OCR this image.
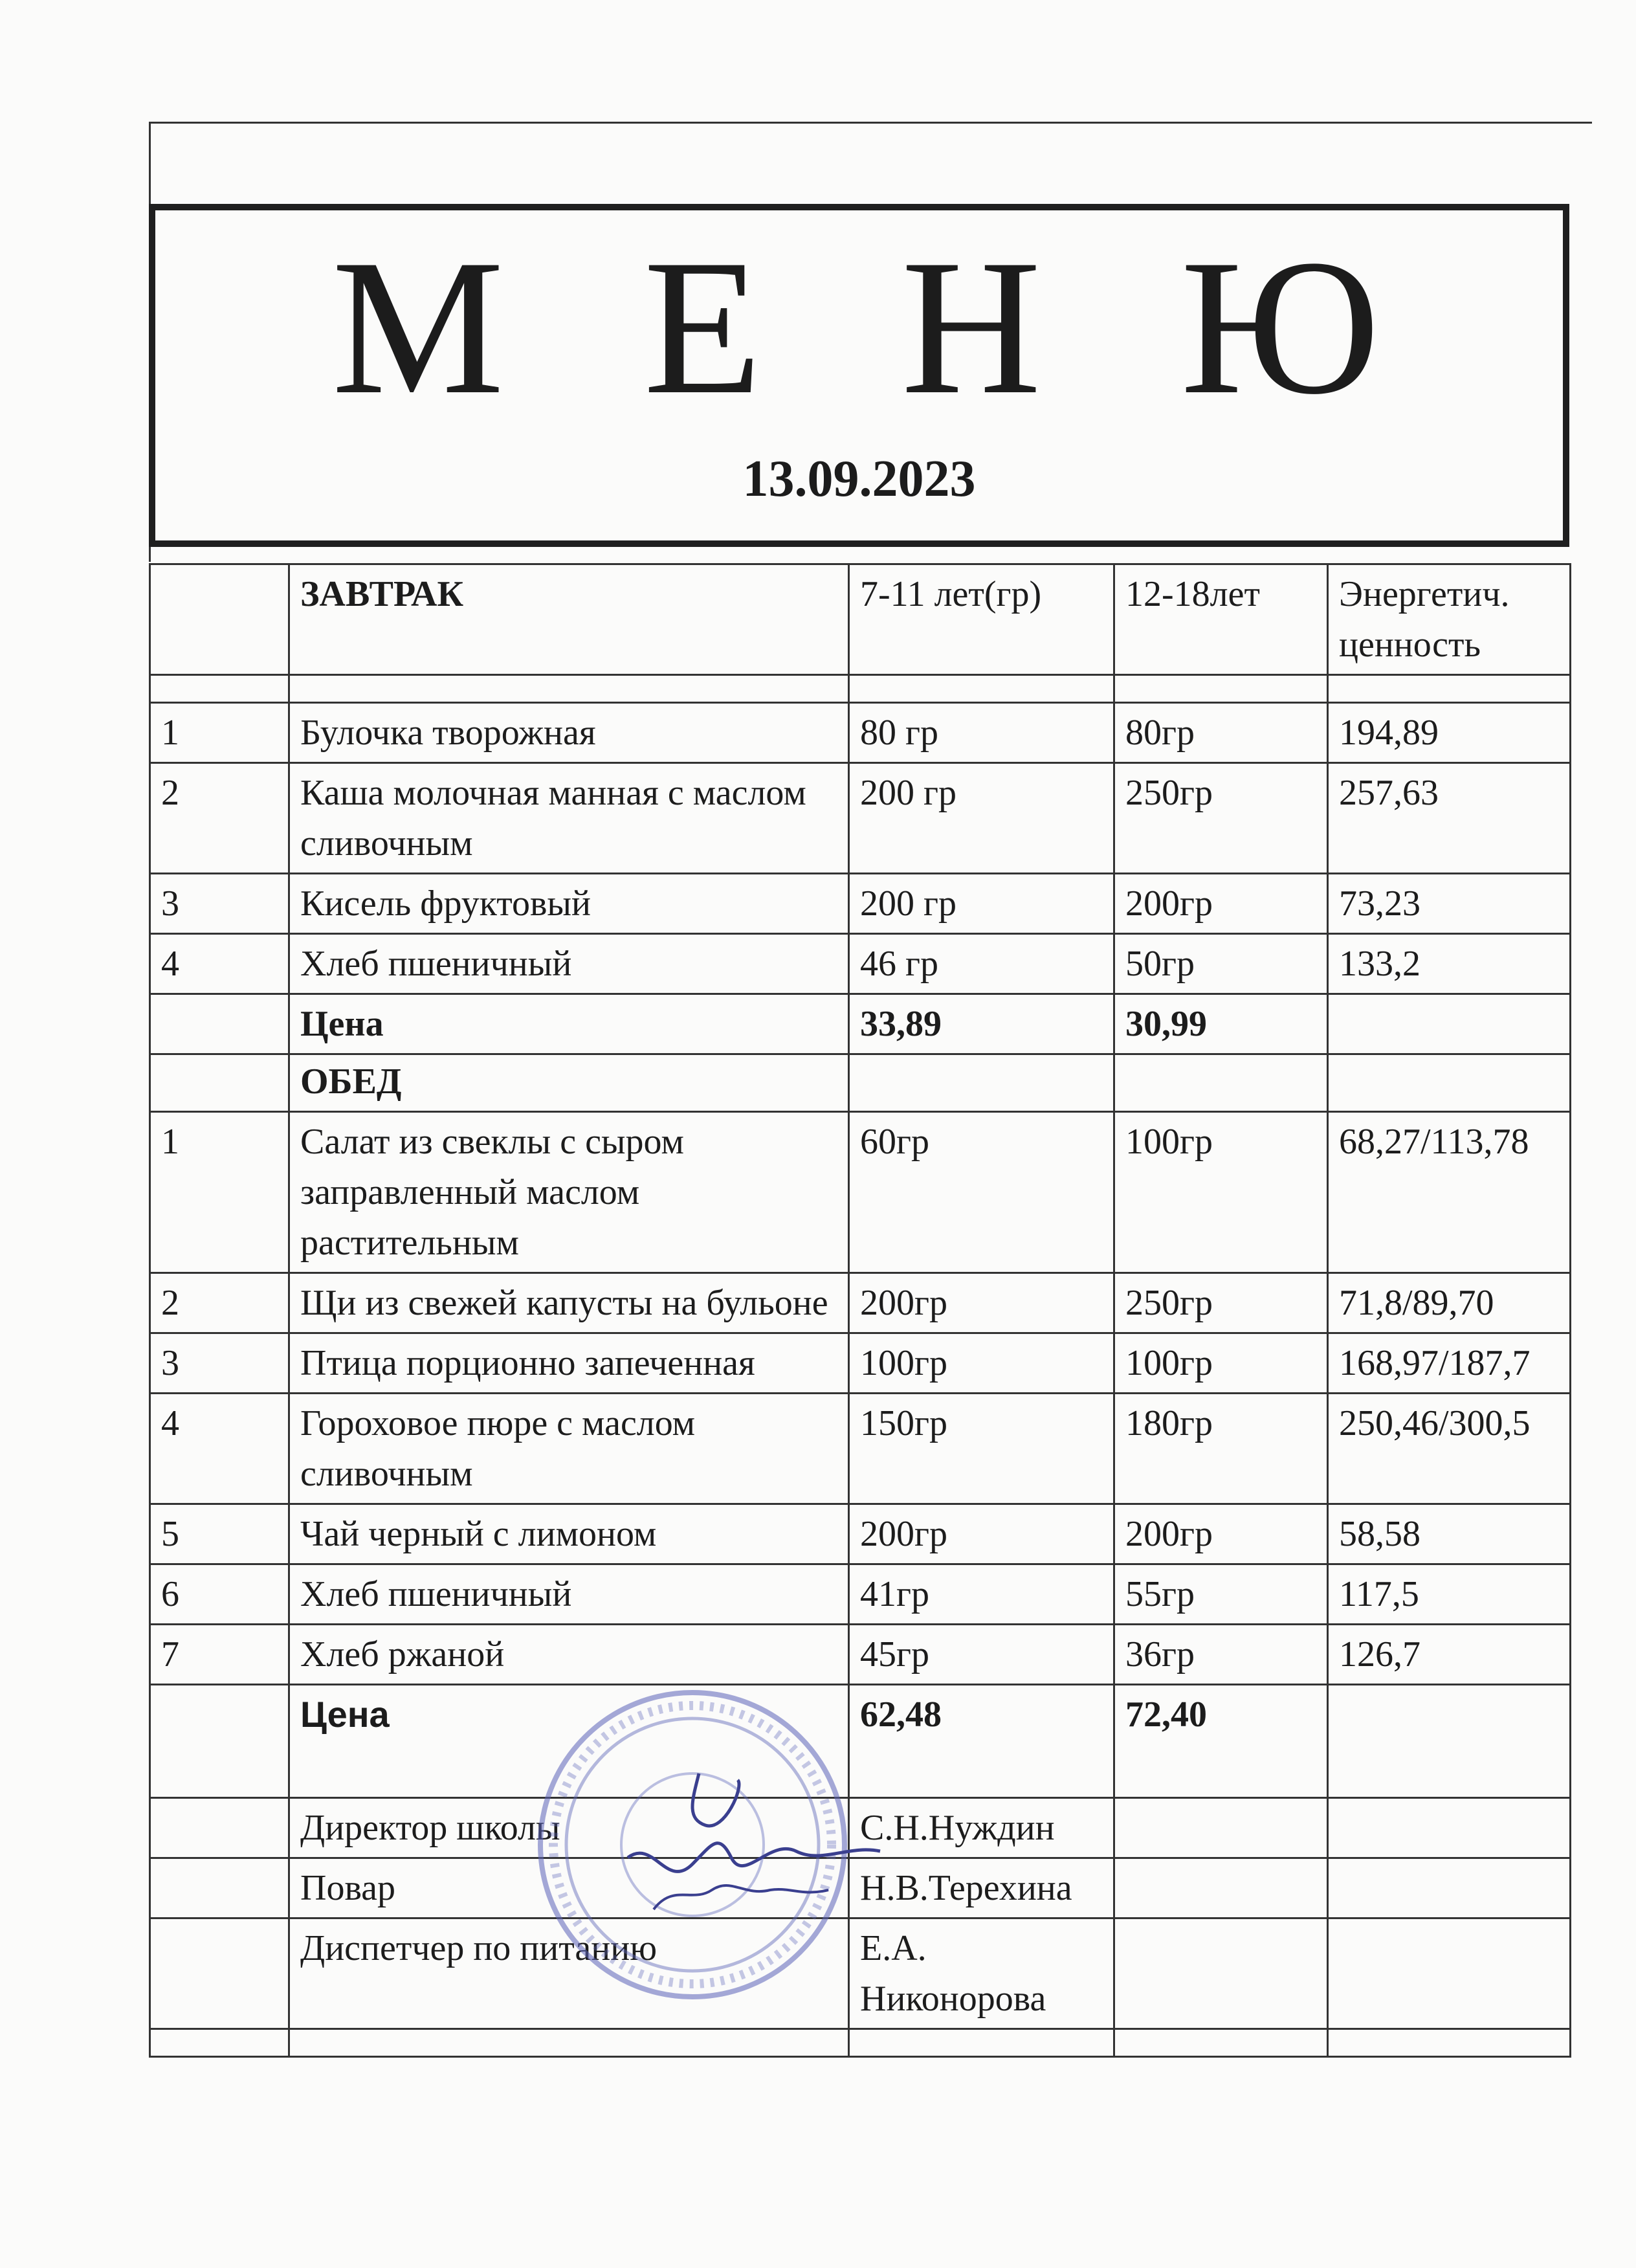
М Е Н Ю
13.09.2023
	ЗАВТРАК	7-11 лет(гр)	12-18лет	Энергетич. ценность

1	Булочка творожная	80 гр	80гр	194,89
2	Каша молочная манная с маслом сливочным	200 гр	250гр	257,63
3	Кисель фруктовый	200 гр	200гр	73,23
4	Хлеб пшеничный	46 гр	50гр	133,2
	Цена	33,89	30,99	
	ОБЕД			
1	Салат из свеклы с сыром заправленный маслом растительным	60гр	100гр	68,27/113,78
2	Щи из свежей капусты на бульоне	200гр	250гр	71,8/89,70
3	Птица порционно запеченная	100гр	100гр	168,97/187,7
4	Гороховое пюре с маслом сливочным	150гр	180гр	250,46/300,5
5	Чай черный с лимоном	200гр	200гр	58,58
6	Хлеб пшеничный	41гр	55гр	117,5
7	Хлеб ржаной	45гр	36гр	126,7
	Цена	62,48	72,40	
	Директор школы	С.Н.Нуждин		
	Повар	Н.В.Терехина		
	Диспетчер по питанию	Е.А. Никонорова		
